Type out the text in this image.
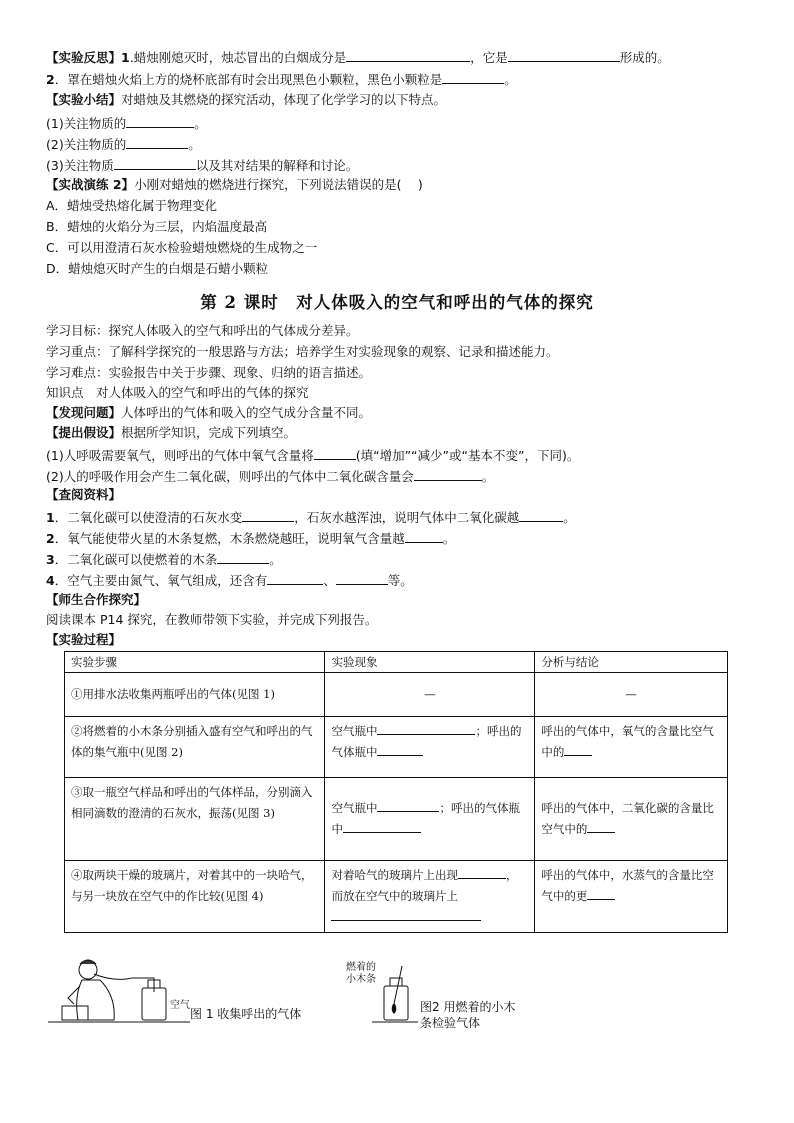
【实验反思】1.蜡烛刚熄灭时，烛芯冒出的白烟成分是	，它是	形成的。
2．罩在蜡烛火焰上方的烧杯底部有时会出现黑色小颗粒，黑色小颗粒是	。
【实验小结】对蜡烛及其燃烧的探究活动，体现了化学学习的以下特点。
(1)关注物质的	。
(2)关注物质的	。
(3)关注物质	以及其对结果的解释和讨论。
【实战演练 2】小刚对蜡烛的燃烧进行探究，下列说法错误的是(　 )
A．蜡烛受热熔化属于物理变化
B．蜡烛的火焰分为三层，内焰温度最高
C．可以用澄清石灰水检验蜡烛燃烧的生成物之一
D．蜡烛熄灭时产生的白烟是石蜡小颗粒
第 2 课时　对人体吸入的空气和呼出的气体的探究
学习目标：探究人体吸入的空气和呼出的气体成分差异。
学习重点：了解科学探究的一般思路与方法；培养学生对实验现象的观察、记录和描述能力。
学习难点：实验报告中关于步骤、现象、归纳的语言描述。
知识点　对人体吸入的空气和呼出的气体的探究
【发现问题】人体呼出的气体和吸入的空气成分含量不同。
【提出假设】根据所学知识，完成下列填空。
(1)人呼吸需要氧气，则呼出的气体中氧气含量将	(填“增加”“减少”或“基本不变”，下同)。
(2)人的呼吸作用会产生二氧化碳，则呼出的气体中二氧化碳含量会	。
【查阅资料】
1．二氧化碳可以使澄清的石灰水变	，石灰水越浑浊，说明气体中二氧化碳越	。
2．氧气能使带火星的木条复燃，木条燃烧越旺，说明氧气含量越	。
3．二氧化碳可以使燃着的木条	。
4．空气主要由氮气、氧气组成，还含有	、	等。
【师生合作探究】
阅读课本 P14 探究，在教师带领下实验，并完成下列报告。
【实验过程】
实验步骤	实验现象	分析与结论
①用排水法收集两瓶呼出的气体(见图 1)	—	—
②将燃着的小木条分别插入盛有空气和呼出的气体的集气瓶中(见图 2)	空气瓶中 ；呼出的气体瓶中	呼出的气体中，氧气的含量比空气中的
③取一瓶空气样品和呼出的气体样品，分别滴入相同滴数的澄清的石灰水，振荡(见图 3)	空气瓶中 ；呼出的气体瓶中	呼出的气体中，二氧化碳的含量比空气中的
④取两块干燥的玻璃片，对着其中的一块哈气，与另一块放在空气中的作比较(见图 4)	对着哈气的玻璃片上出现 ，而放在空气中的玻璃片上	呼出的气体中，水蒸气的含量比空气中的更
空气
图 1 收集呼出的气体
燃着的
小木条
图2 用燃着的小木
条检验气体
